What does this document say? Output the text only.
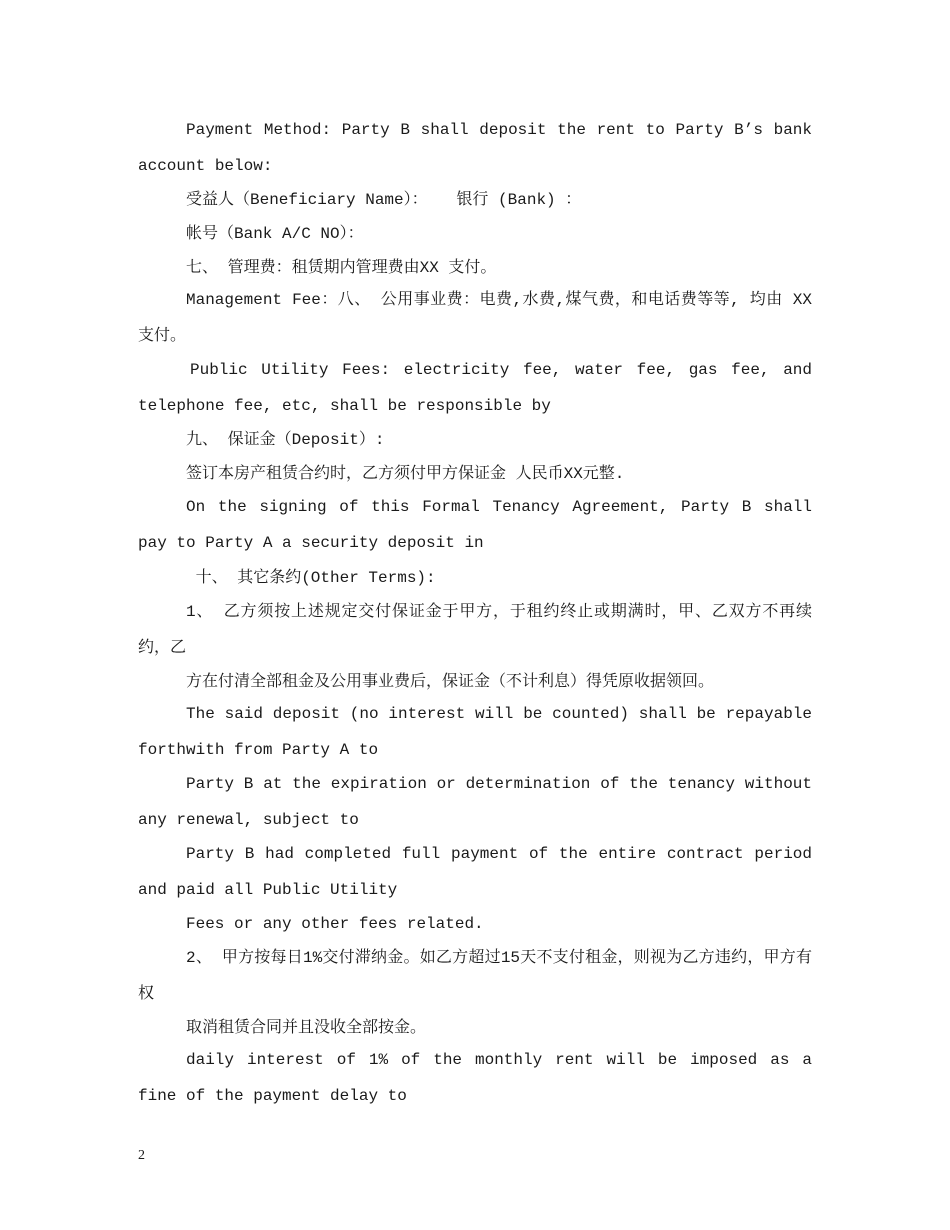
Payment Method: Party B shall deposit the rent to Party B’s bank account below:

受益人（Beneficiary Name）：   银行 (Bank) ：
帐号（Bank A/C NO）：
七、 管理费：租赁期内管理费由XX 支付。

Management Fee：八、 公用事业费：电费,水费,煤气费，和电话费等等, 均由 XX 支付。

Public Utility Fees: electricity fee, water fee, gas fee, and telephone fee, etc, shall be responsible by

九、 保证金（Deposit）:
签订本房产租赁合约时，乙方须付甲方保证金 人民币XX元整.

On the signing of this Formal Tenancy Agreement, Party B shall pay to Party A a security deposit in

十、 其它条约(Other Terms):

1、 乙方须按上述规定交付保证金于甲方，于租约终止或期满时，甲、乙双方不再续约，乙

方在付清全部租金及公用事业费后，保证金（不计利息）得凭原收据领回。

The said deposit (no interest will be counted) shall be repayable forthwith from Party A to

Party B at the expiration or determination of the tenancy without any renewal, subject to

Party B had completed full payment of the entire contract period and paid all Public Utility

Fees or any other fees related.

2、 甲方按每日1%交付滞纳金。如乙方超过15天不支付租金，则视为乙方违约，甲方有权

取消租赁合同并且没收全部按金。

daily interest of 1% of the monthly rent will be imposed as a fine of the payment delay to

2
